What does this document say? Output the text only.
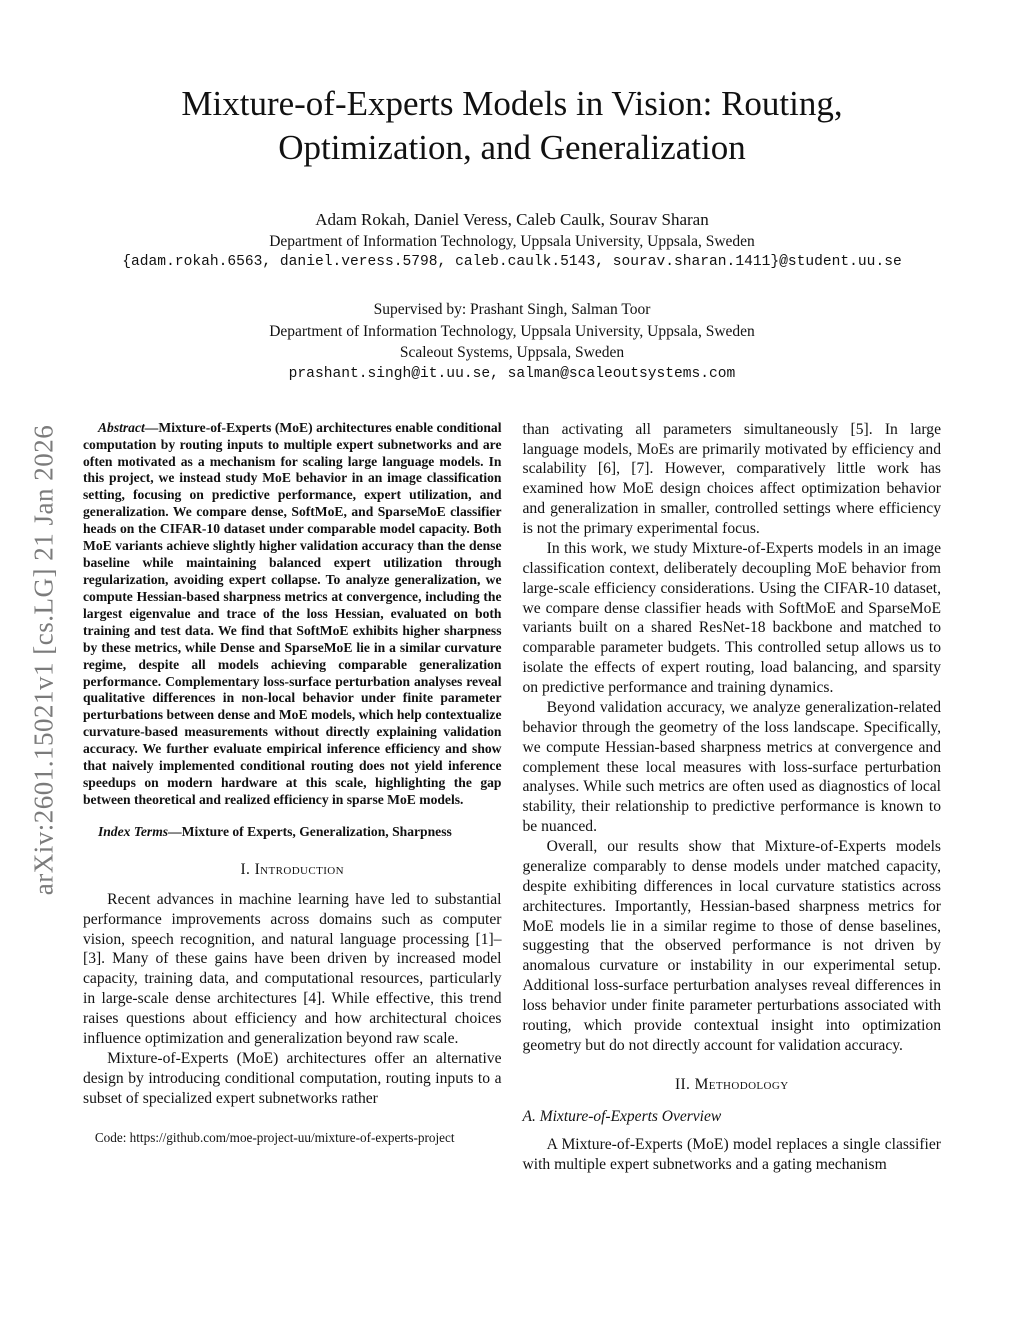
arXiv:2601.15021v1 [cs.LG] 21 Jan 2026
Mixture-of-Experts Models in Vision: Routing, Optimization, and Generalization
Adam Rokah, Daniel Veress, Caleb Caulk, Sourav Sharan
Department of Information Technology, Uppsala University, Uppsala, Sweden
{adam.rokah.6563, daniel.veress.5798, caleb.caulk.5143, sourav.sharan.1411}@student.uu.se
Supervised by: Prashant Singh, Salman Toor
Department of Information Technology, Uppsala University, Uppsala, Sweden
Scaleout Systems, Uppsala, Sweden
prashant.singh@it.uu.se, salman@scaleoutsystems.com

Abstract—Mixture-of-Experts (MoE) architectures enable conditional computation by routing inputs to multiple expert subnetworks and are often motivated as a mechanism for scaling large language models. In this project, we instead study MoE behavior in an image classification setting, focusing on predictive performance, expert utilization, and generalization. We compare dense, SoftMoE, and SparseMoE classifier heads on the CIFAR-10 dataset under comparable model capacity. Both MoE variants achieve slightly higher validation accuracy than the dense baseline while maintaining balanced expert utilization through regularization, avoiding expert collapse. To analyze generalization, we compute Hessian-based sharpness metrics at convergence, including the largest eigenvalue and trace of the loss Hessian, evaluated on both training and test data. We find that SoftMoE exhibits higher sharpness by these metrics, while Dense and SparseMoE lie in a similar curvature regime, despite all models achieving comparable generalization performance. Complementary loss-surface perturbation analyses reveal qualitative differences in non-local behavior under finite parameter perturbations between dense and MoE models, which help contextualize curvature-based measurements without directly explaining validation accuracy. We further evaluate empirical inference efficiency and show that naively implemented conditional routing does not yield inference speedups on modern hardware at this scale, highlighting the gap between theoretical and realized efficiency in sparse MoE models.

Index Terms—Mixture of Experts, Generalization, Sharpness

I. Introduction

Recent advances in machine learning have led to substantial performance improvements across domains such as computer vision, speech recognition, and natural language processing [1]–[3]. Many of these gains have been driven by increased model capacity, training data, and computational resources, particularly in large-scale dense architectures [4]. While effective, this trend raises questions about efficiency and how architectural choices influence optimization and generalization beyond raw scale.

Mixture-of-Experts (MoE) architectures offer an alternative design by introducing conditional computation, routing inputs to a subset of specialized expert subnetworks rather

Code: https://github.com/moe-project-uu/mixture-of-experts-project

than activating all parameters simultaneously [5]. In large language models, MoEs are primarily motivated by efficiency and scalability [6], [7]. However, comparatively little work has examined how MoE design choices affect optimization behavior and generalization in smaller, controlled settings where efficiency is not the primary experimental focus.

In this work, we study Mixture-of-Experts models in an image classification context, deliberately decoupling MoE behavior from large-scale efficiency considerations. Using the CIFAR-10 dataset, we compare dense classifier heads with SoftMoE and SparseMoE variants built on a shared ResNet-18 backbone and matched to comparable parameter budgets. This controlled setup allows us to isolate the effects of expert routing, load balancing, and sparsity on predictive performance and training dynamics.

Beyond validation accuracy, we analyze generalization-related behavior through the geometry of the loss landscape. Specifically, we compute Hessian-based sharpness metrics at convergence and complement these local measures with loss-surface perturbation analyses. While such metrics are often used as diagnostics of local stability, their relationship to predictive performance is known to be nuanced.

Overall, our results show that Mixture-of-Experts models generalize comparably to dense models under matched capacity, despite exhibiting differences in local curvature statistics across architectures. Importantly, Hessian-based sharpness metrics for MoE models lie in a similar regime to those of dense baselines, suggesting that the observed performance is not driven by anomalous curvature or instability in our experimental setup. Additional loss-surface perturbation analyses reveal differences in loss behavior under finite parameter perturbations associated with routing, which provide contextual insight into optimization geometry but do not directly account for validation accuracy.

II. Methodology
A. Mixture-of-Experts Overview

A Mixture-of-Experts (MoE) model replaces a single classifier with multiple expert subnetworks and a gating mechanism
